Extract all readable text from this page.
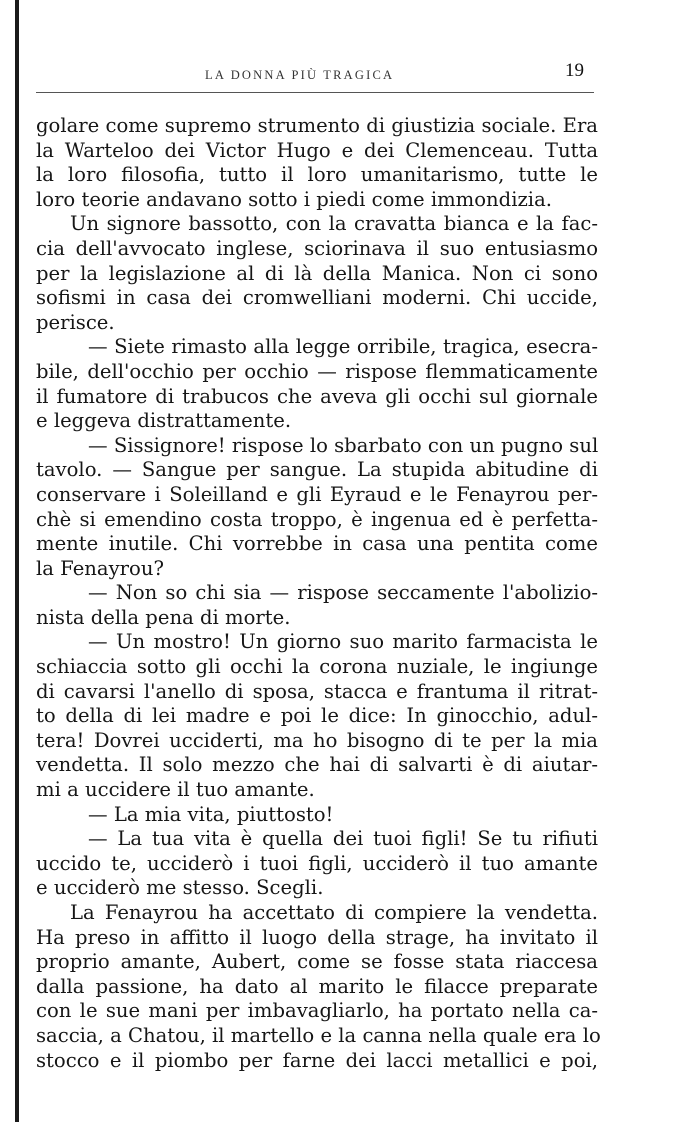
LA DONNA PIÙ TRAGICA	19
golare come supremo strumento di giustizia sociale. Era
la Warteloo dei Victor Hugo e dei Clemenceau. Tutta
la loro filosofia, tutto il loro umanitarismo, tutte le
loro teorie andavano sotto i piedi come immondizia.
Un signore bassotto, con la cravatta bianca e la fac-
cia dell'avvocato inglese, sciorinava il suo entusiasmo
per la legislazione al di là della Manica. Non ci sono
sofismi in casa dei cromwelliani moderni. Chi uccide,
perisce.
— Siete rimasto alla legge orribile, tragica, esecra-
bile, dell'occhio per occhio — rispose flemmaticamente
il fumatore di trabucos che aveva gli occhi sul giornale
e leggeva distrattamente.
— Sissignore! rispose lo sbarbato con un pugno sul
tavolo. — Sangue per sangue. La stupida abitudine di
conservare i Soleilland e gli Eyraud e le Fenayrou per-
chè si emendino costa troppo, è ingenua ed è perfetta-
mente inutile. Chi vorrebbe in casa una pentita come
la Fenayrou?
— Non so chi sia — rispose seccamente l'abolizio-
nista della pena di morte.
— Un mostro! Un giorno suo marito farmacista le
schiaccia sotto gli occhi la corona nuziale, le ingiunge
di cavarsi l'anello di sposa, stacca e frantuma il ritrat-
to della di lei madre e poi le dice: In ginocchio, adul-
tera! Dovrei ucciderti, ma ho bisogno di te per la mia
vendetta. Il solo mezzo che hai di salvarti è di aiutar-
mi a uccidere il tuo amante.
— La mia vita, piuttosto!
— La tua vita è quella dei tuoi figli! Se tu rifiuti
uccido te, ucciderò i tuoi figli, ucciderò il tuo amante
e ucciderò me stesso. Scegli.
La Fenayrou ha accettato di compiere la vendetta.
Ha preso in affitto il luogo della strage, ha invitato il
proprio amante, Aubert, come se fosse stata riaccesa
dalla passione, ha dato al marito le filacce preparate
con le sue mani per imbavagliarlo, ha portato nella ca-
saccia, a Chatou, il martello e la canna nella quale era lo
stocco e il piombo per farne dei lacci metallici e poi,
